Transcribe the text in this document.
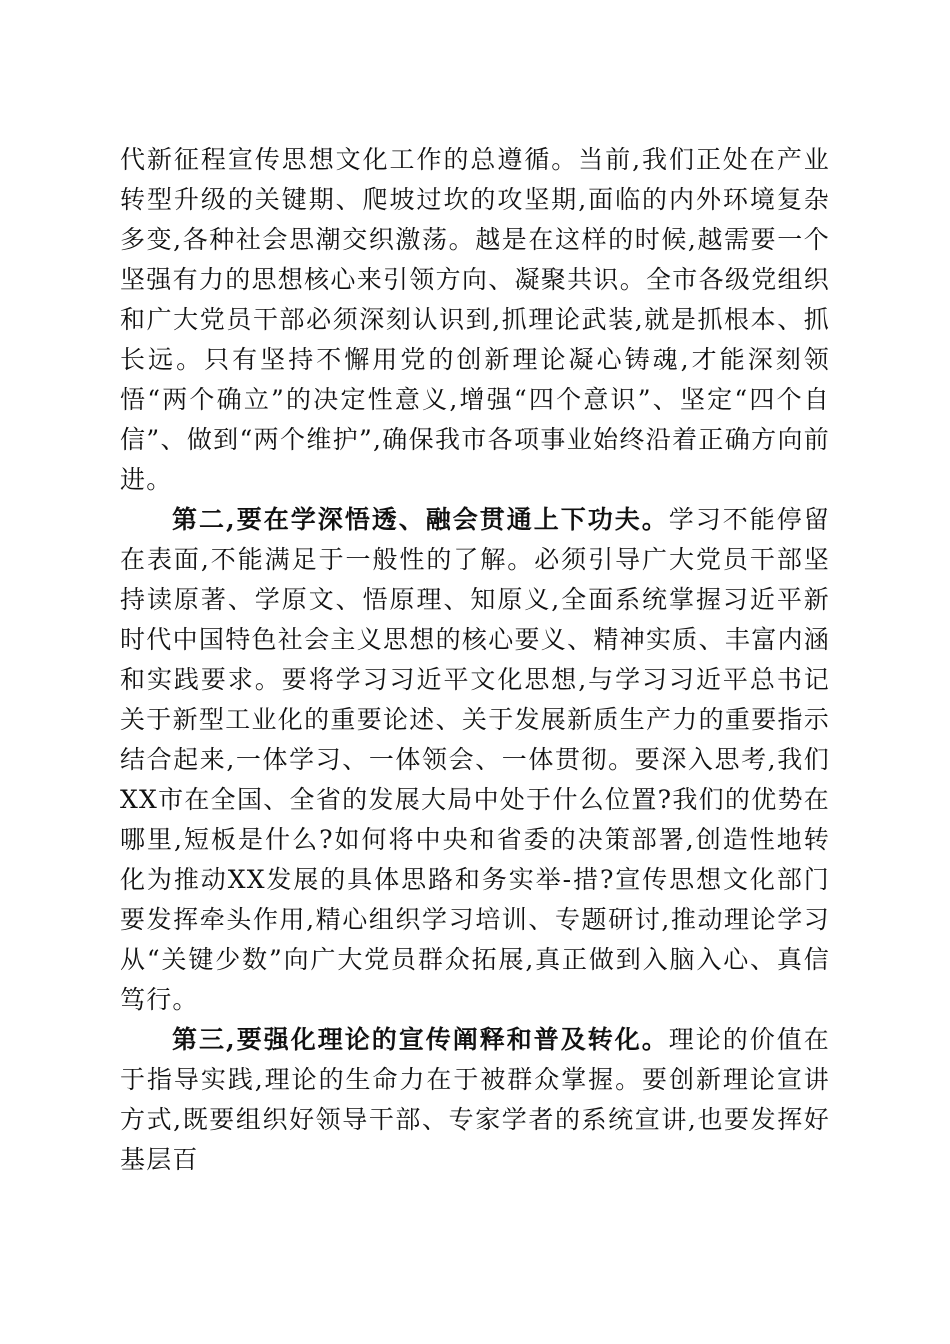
代新征程宣传思想文化工作的总遵循。当前,我们正处在产业转型升级的关键期、爬坡过坎的攻坚期,面临的内外环境复杂多变,各种社会思潮交织激荡。越是在这样的时候,越需要一个坚强有力的思想核心来引领方向、凝聚共识。全市各级党组织和广大党员干部必须深刻认识到,抓理论武装,就是抓根本、抓长远。只有坚持不懈用党的创新理论凝心铸魂,才能深刻领悟“两个确立”的决定性意义,增强“四个意识”、坚定“四个自信”、做到“两个维护”,确保我市各项事业始终沿着正确方向前进。

第二,要在学深悟透、融会贯通上下功夫。学习不能停留在表面,不能满足于一般性的了解。必须引导广大党员干部坚持读原著、学原文、悟原理、知原义,全面系统掌握习近平新时代中国特色社会主义思想的核心要义、精神实质、丰富内涵和实践要求。要将学习习近平文化思想,与学习习近平总书记关于新型工业化的重要论述、关于发展新质生产力的重要指示结合起来,一体学习、一体领会、一体贯彻。要深入思考,我们XX市在全国、全省的发展大局中处于什么位置?我们的优势在哪里,短板是什么?如何将中央和省委的决策部署,创造性地转化为推动XX发展的具体思路和务实举-措?宣传思想文化部门要发挥牵头作用,精心组织学习培训、专题研讨,推动理论学习从“关键少数”向广大党员群众拓展,真正做到入脑入心、真信笃行。

第三,要强化理论的宣传阐释和普及转化。理论的价值在于指导实践,理论的生命力在于被群众掌握。要创新理论宣讲方式,既要组织好领导干部、专家学者的系统宣讲,也要发挥好基层百
